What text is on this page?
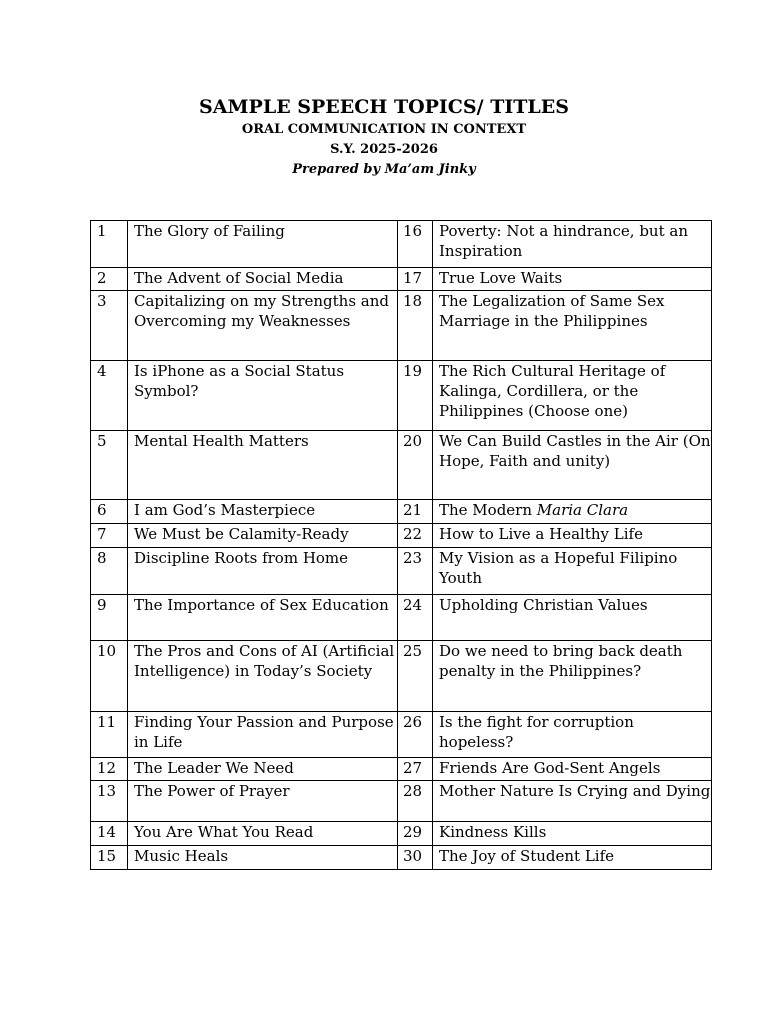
SAMPLE SPEECH TOPICS/ TITLES

ORAL COMMUNICATION IN CONTEXT

S.Y. 2025-2026

Prepared by Ma’am Jinky

1	The Glory of Failing	16	Poverty: Not a hindrance, but an Inspiration
2	The Advent of Social Media	17	True Love Waits
3	Capitalizing on my Strengths and Overcoming my Weaknesses	18	The Legalization of Same Sex Marriage in the Philippines
4	Is iPhone as a Social Status Symbol?	19	The Rich Cultural Heritage of Kalinga, Cordillera, or the Philippines (Choose one)
5	Mental Health Matters	20	We Can Build Castles in the Air (On Hope, Faith and unity)
6	I am God’s Masterpiece	21	The Modern Maria Clara
7	We Must be Calamity-Ready	22	How to Live a Healthy Life
8	Discipline Roots from Home	23	My Vision as a Hopeful Filipino Youth
9	The Importance of Sex Education	24	Upholding Christian Values
10	The Pros and Cons of AI (Artificial Intelligence) in Today’s Society	25	Do we need to bring back death penalty in the Philippines?
11	Finding Your Passion and Purpose in Life	26	Is the fight for corruption hopeless?
12	The Leader We Need	27	Friends Are God-Sent Angels
13	The Power of Prayer	28	Mother Nature Is Crying and Dying
14	You Are What You Read	29	Kindness Kills
15	Music Heals	30	The Joy of Student Life
